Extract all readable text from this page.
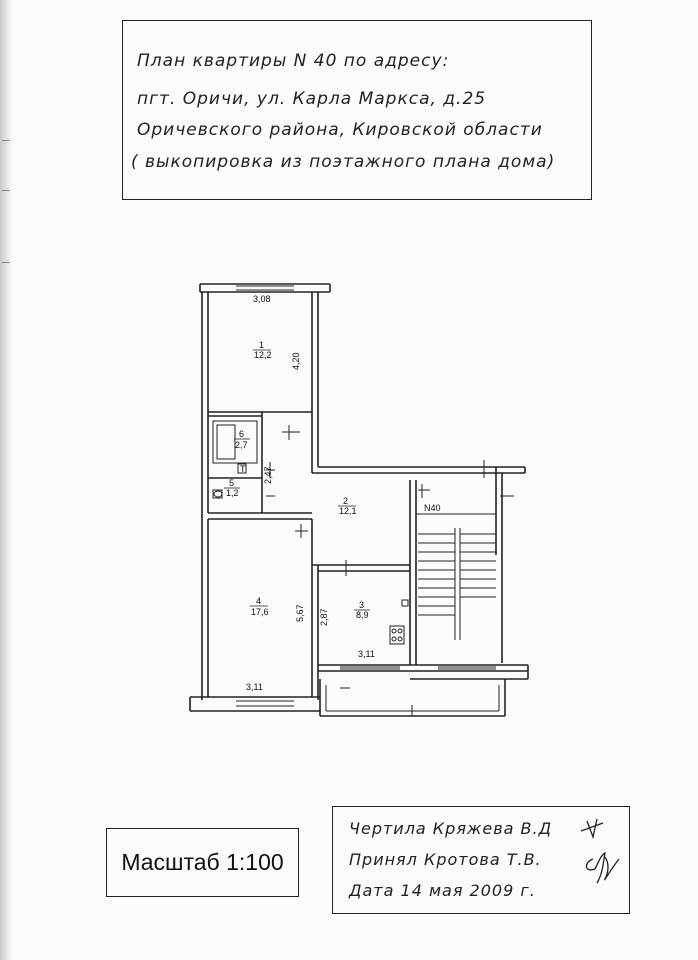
План квартиры N 40 по адресу:
пгт. Оричи, ул. Карла Маркса, д.25
Оричевского района, Кировской области
( выкопировка из поэтажного плана дома)
3,08
4,20
2,47
5,67
3,11
2,87
3,11
1
12,2
2
12,1
3
8,9
4
17,6
5
1,2
6
2,7
Т
N40
Масштаб 1:100
Чертила Кряжева В.Д
Принял Кротова Т.В.
Дата 14 мая 2009 г.
